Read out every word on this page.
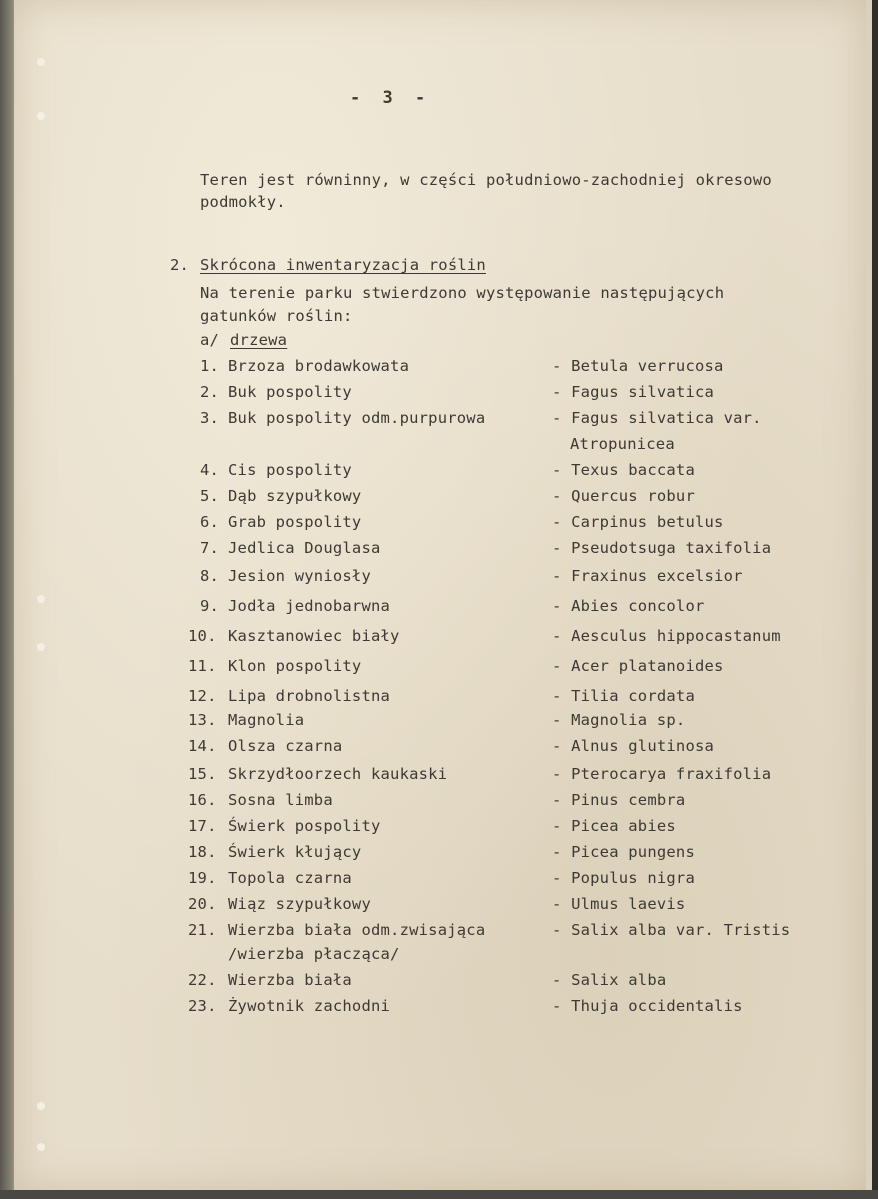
- 3 -
Teren jest równinny, w części południowo-zachodniej okresowo
podmokły.
2. Skrócona inwentaryzacja roślin
Na terenie parku stwierdzono występowanie następujących
gatunków roślin:
a/ drzewa
1. Brzoza brodawkowata	- Betula verrucosa
2. Buk pospolity	- Fagus silvatica
3. Buk pospolity odm.purpurowa	- Fagus silvatica var.
Atropunicea
4. Cis pospolity	- Texus baccata
5. Dąb szypułkowy	- Quercus robur
6. Grab pospolity	- Carpinus betulus
7. Jedlica Douglasa	- Pseudotsuga taxifolia
8. Jesion wyniosły	- Fraxinus excelsior
9. Jodła jednobarwna	- Abies concolor
10. Kasztanowiec biały	- Aesculus hippocastanum
11. Klon pospolity	- Acer platanoides
12. Lipa drobnolistna	- Tilia cordata
13. Magnolia	- Magnolia sp.
14. Olsza czarna	- Alnus glutinosa
15. Skrzydłoorzech kaukaski	- Pterocarya fraxifolia
16. Sosna limba	- Pinus cembra
17. Świerk pospolity	- Picea abies
18. Świerk kłujący	- Picea pungens
19. Topola czarna	- Populus nigra
20. Wiąz szypułkowy	- Ulmus laevis
21. Wierzba biała odm.zwisająca	- Salix alba var. Tristis
/wierzba płacząca/
22. Wierzba biała	- Salix alba
23. Żywotnik zachodni	- Thuja occidentalis
